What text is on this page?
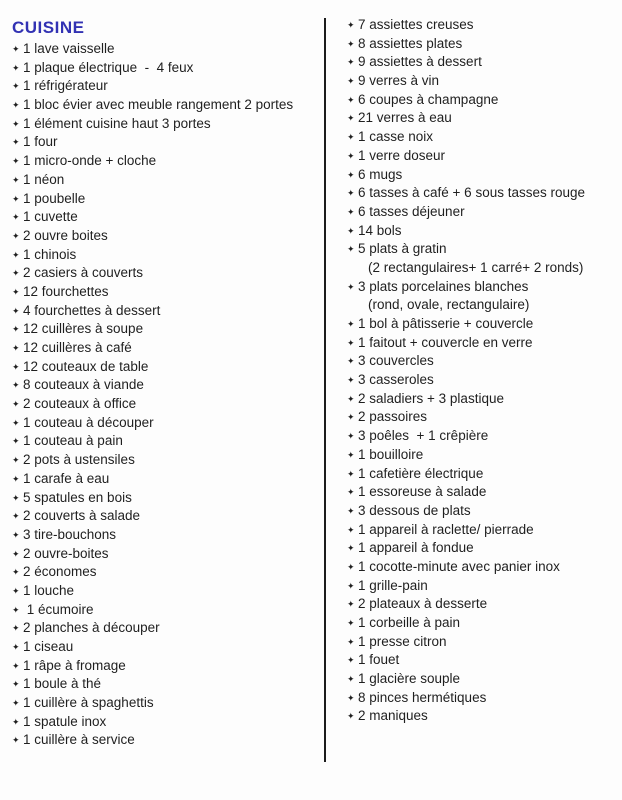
CUISINE
✦ 1 lave vaisselle
✦ 1 plaque électrique  -  4 feux
✦ 1 réfrigérateur
✦ 1 bloc évier avec meuble rangement 2 portes
✦ 1 élément cuisine haut 3 portes
✦ 1 four
✦ 1 micro-onde + cloche
✦ 1 néon
✦ 1 poubelle
✦ 1 cuvette
✦ 2 ouvre boites
✦ 1 chinois
✦ 2 casiers à couverts
✦ 12 fourchettes
✦ 4 fourchettes à dessert
✦ 12 cuillères à soupe
✦ 12 cuillères à café
✦ 12 couteaux de table
✦ 8 couteaux à viande
✦ 2 couteaux à office
✦ 1 couteau à découper
✦ 1 couteau à pain
✦ 2 pots à ustensiles
✦ 1 carafe à eau
✦ 5 spatules en bois
✦ 2 couverts à salade
✦ 3 tire-bouchons
✦ 2 ouvre-boites
✦ 2 économes
✦ 1 louche
✦ 1 écumoire
✦ 2 planches à découper
✦ 1 ciseau
✦ 1 râpe à fromage
✦ 1 boule à thé
✦ 1 cuillère à spaghettis
✦ 1 spatule inox
✦ 1 cuillère à service
✦ 7 assiettes creuses
✦ 8 assiettes plates
✦ 9 assiettes à dessert
✦ 9 verres à vin
✦ 6 coupes à champagne
✦ 21 verres à eau
✦ 1 casse noix
✦ 1 verre doseur
✦ 6 mugs
✦ 6 tasses à café + 6 sous tasses rouge
✦ 6 tasses déjeuner
✦ 14 bols
✦ 5 plats à gratin
(2 rectangulaires+ 1 carré+ 2 ronds)
✦ 3 plats porcelaines blanches
(rond, ovale, rectangulaire)
✦ 1 bol à pâtisserie + couvercle
✦ 1 faitout + couvercle en verre
✦ 3 couvercles
✦ 3 casseroles
✦ 2 saladiers + 3 plastique
✦ 2 passoires
✦ 3 poêles  + 1 crêpière
✦ 1 bouilloire
✦ 1 cafetière électrique
✦ 1 essoreuse à salade
✦ 3 dessous de plats
✦ 1 appareil à raclette/ pierrade
✦ 1 appareil à fondue
✦ 1 cocotte-minute avec panier inox
✦ 1 grille-pain
✦ 2 plateaux à desserte
✦ 1 corbeille à pain
✦ 1 presse citron
✦ 1 fouet
✦ 1 glacière souple
✦ 8 pinces hermétiques
✦ 2 maniques
